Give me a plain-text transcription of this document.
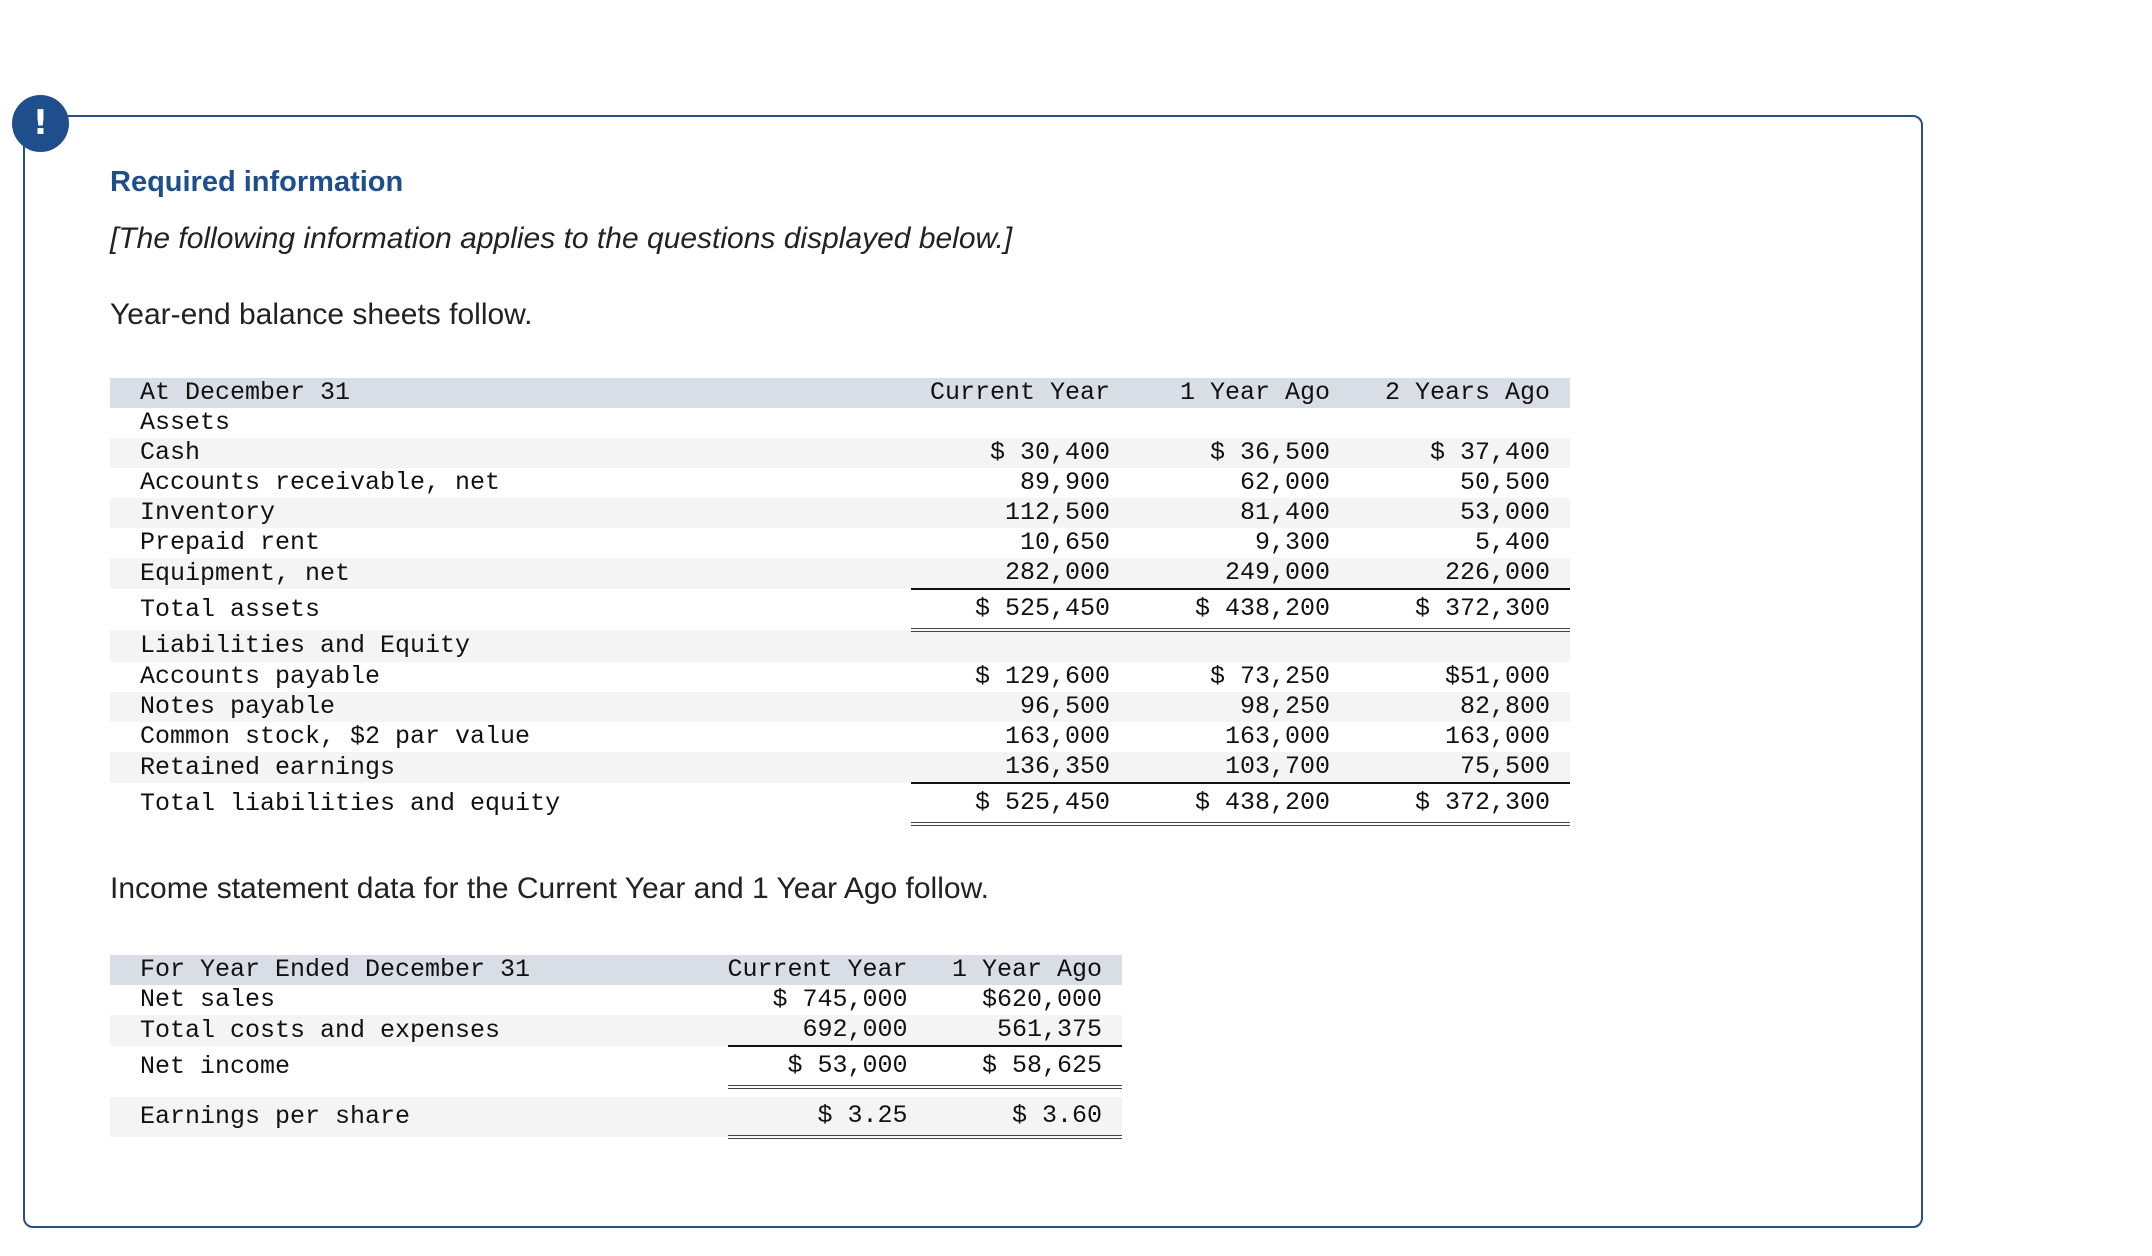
!
Required information
[The following information applies to the questions displayed below.]
Year-end balance sheets follow.
At December 31	Current Year	1 Year Ago	2 Years Ago
Assets			
Cash	$ 30,400	$ 36,500	$ 37,400
Accounts receivable, net	89,900	62,000	50,500
Inventory	112,500	81,400	53,000
Prepaid rent	10,650	9,300	5,400
Equipment, net	282,000	249,000	226,000
Total assets	$ 525,450	$ 438,200	$ 372,300
Liabilities and Equity			
Accounts payable	$ 129,600	$ 73,250	$51,000
Notes payable	96,500	98,250	82,800
Common stock, $2 par value	163,000	163,000	163,000
Retained earnings	136,350	103,700	75,500
Total liabilities and equity	$ 525,450	$ 438,200	$ 372,300
Income statement data for the Current Year and 1 Year Ago follow.
For Year Ended December 31	Current Year	1 Year Ago
Net sales	$ 745,000	$620,000
Total costs and expenses	692,000	561,375
Net income	$ 53,000	$ 58,625

Earnings per share	$ 3.25	$ 3.60
